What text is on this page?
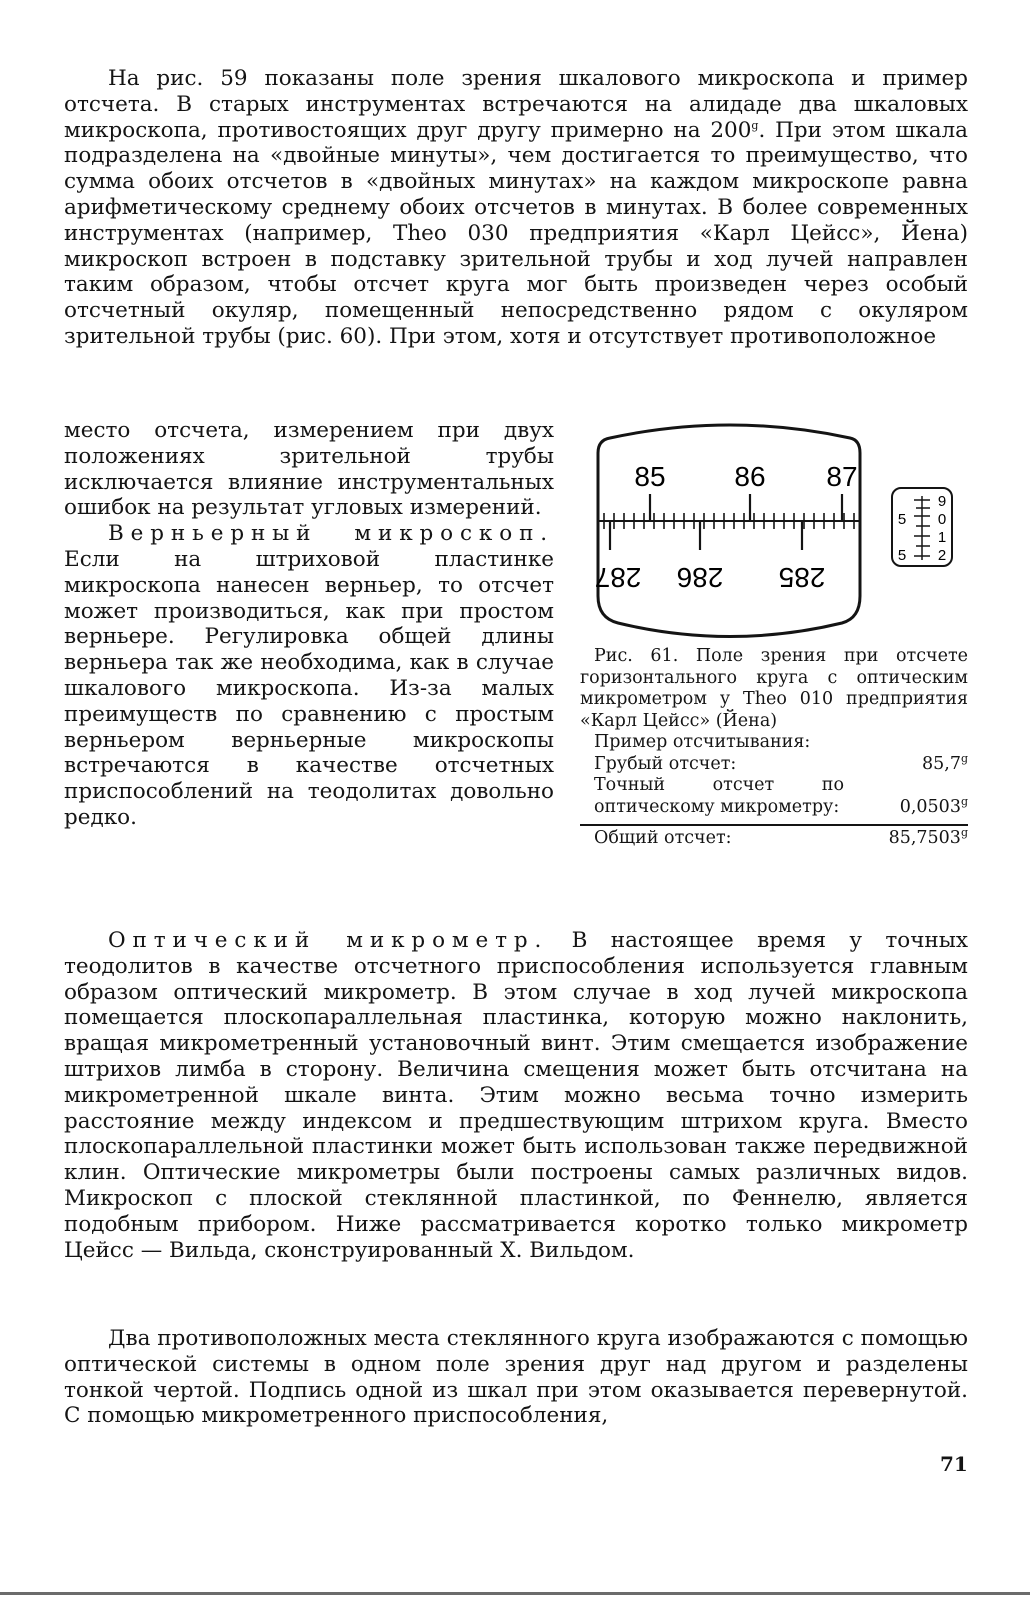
На рис. 59 показаны поле зрения шкалового микроскопа и пример отсчета. В старых инструментах встречаются на алидаде два шкаловых микроскопа, противостоящих друг другу примерно на 200$^g$. При этом шкала подразделена на «двойные минуты», чем достигается то преимущество, что сумма обоих отсчетов в «двойных минутах» на каждом микроскопе равна арифметическому среднему обоих отсчетов в минутах. В более современных инструментах (например, Theo 030 предприятия «Карл Цейсс», Йена) микроскоп встроен в подставку зрительной трубы и ход лучей направлен таким образом, чтобы отсчет круга мог быть произведен через особый отсчетный окуляр, помещенный непосредственно рядом с окуляром зрительной трубы (рис. 60). При этом, хотя и отсутствует противоположное

место отсчета, измерением при двух положениях зрительной трубы исключается влияние инструментальных ошибок на результат угловых измерений.

Верньерный микроскоп. Если на штриховой пластинке микроскопа нанесен верньер, то отсчет может производиться, как при простом верньере. Регулировка общей длины верньера так же необходима, как в случае шкалового микроскопа. Из-за малых преимуществ по сравнению с простым верньером верньерные микроскопы встречаются в качестве отсчетных приспособлений на теодолитах довольно редко.

85 86 87
287 286 285
9
0
1
2
5
5

Рис. 61. Поле зрения при отсчете горизонтального круга с оптическим микрометром у Theo 010 предприятия «Карл Цейсс» (Йена)

Пример отсчитывания:

Грубый отсчет:	85,7$^g$
Точный отсчет по оптическому микрометру:	0,0503$^g$
Общий отсчет:	85,7503$^g$

Оптический микрометр. В настоящее время у точных теодолитов в качестве отсчетного приспособления используется главным образом оптический микрометр. В этом случае в ход лучей микроскопа помещается плоскопараллельная пластинка, которую можно наклонить, вращая микрометренный установочный винт. Этим смещается изображение штрихов лимба в сторону. Величина смещения может быть отсчитана на микрометренной шкале винта. Этим можно весьма точно измерить расстояние между индексом и предшествующим штрихом круга. Вместо плоскопараллельной пластинки может быть использован также передвижной клин. Оптические микрометры были построены самых различных видов. Микроскоп с плоской стеклянной пластинкой, по Феннелю, является подобным прибором. Ниже рассматривается коротко только микрометр Цейсс — Вильда, сконструированный Х. Вильдом.

Два противоположных места стеклянного круга изображаются с помощью оптической системы в одном поле зрения друг над другом и разделены тонкой чертой. Подпись одной из шкал при этом оказывается перевернутой. С помощью микрометренного приспособления,

71
